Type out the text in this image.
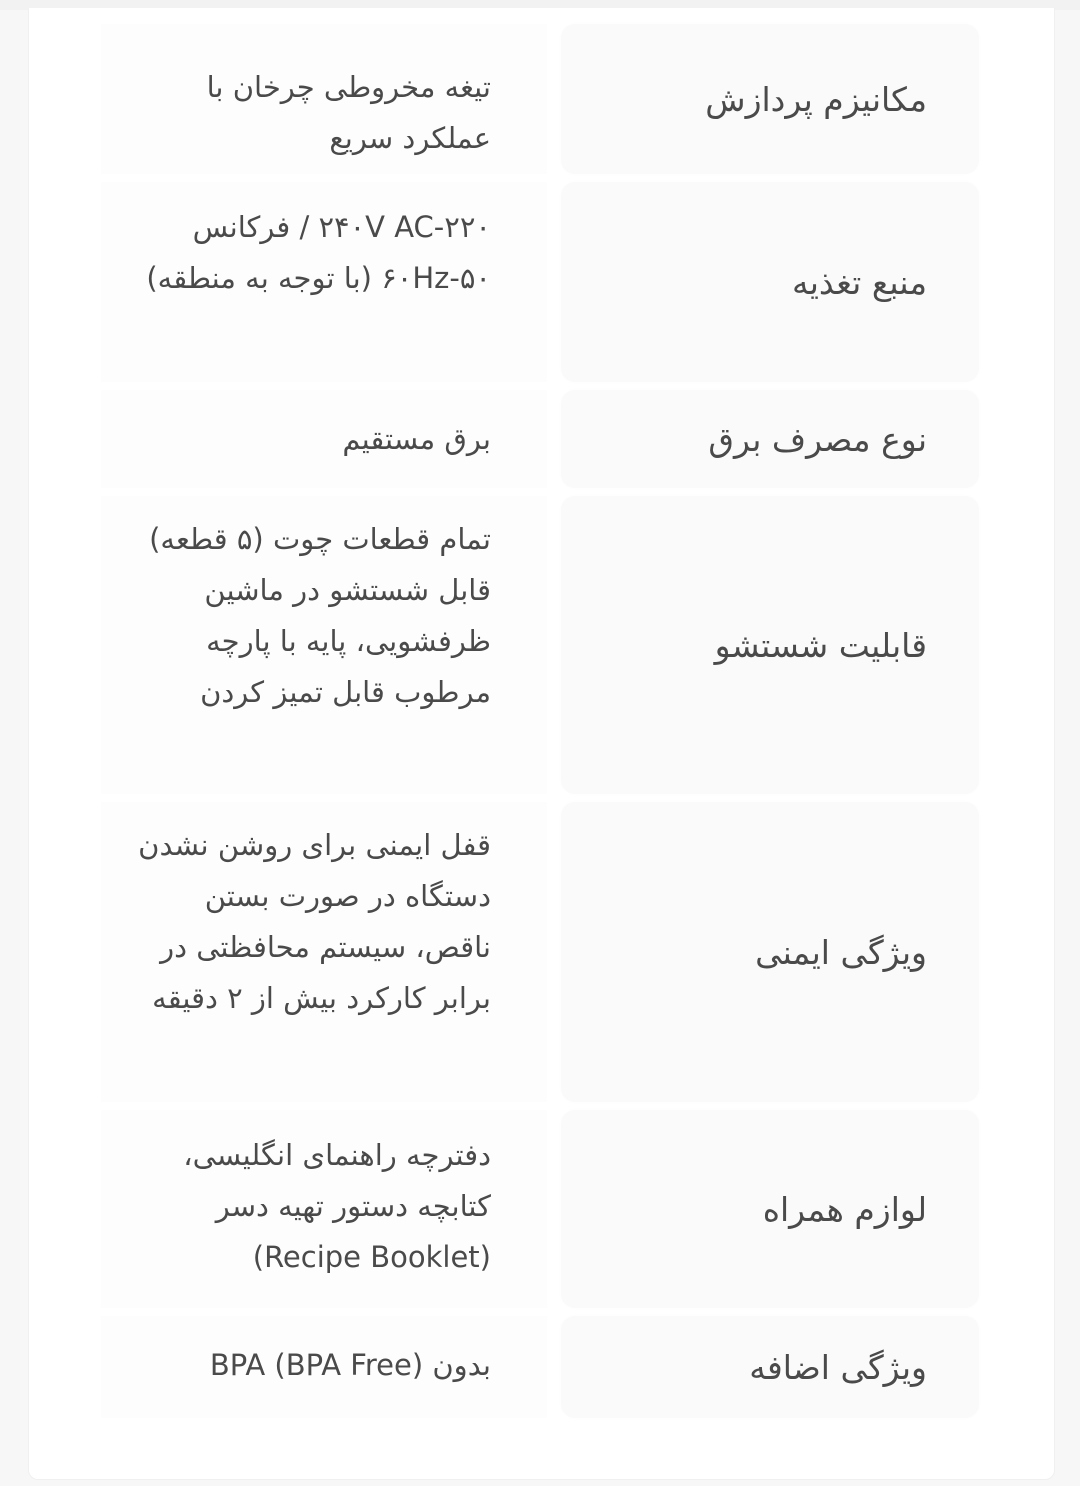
مکانیزم پردازش
تیغه مخروطی چرخان با عملکرد سریع
منبع تغذیه
۲۴۰V AC-۲۲۰ / فرکانس ۶۰Hz-۵۰ (با توجه به منطقه)
نوع مصرف برق
برق مستقیم
قابلیت شستشو
تمام قطعات چوت (۵ قطعه) قابل شستشو در ماشین ظرفشویی، پایه با پارچه مرطوب قابل تمیز کردن
ویژگی ایمنی
قفل ایمنی برای روشن نشدن دستگاه در صورت بستن ناقص، سیستم محافظتی در برابر کارکرد بیش از ۲ دقیقه
لوازم همراه
دفترچه راهنمای انگلیسی، کتابچه دستور تهیه دسر (Recipe Booklet)
ویژگی اضافه
بدون BPA (BPA Free)
